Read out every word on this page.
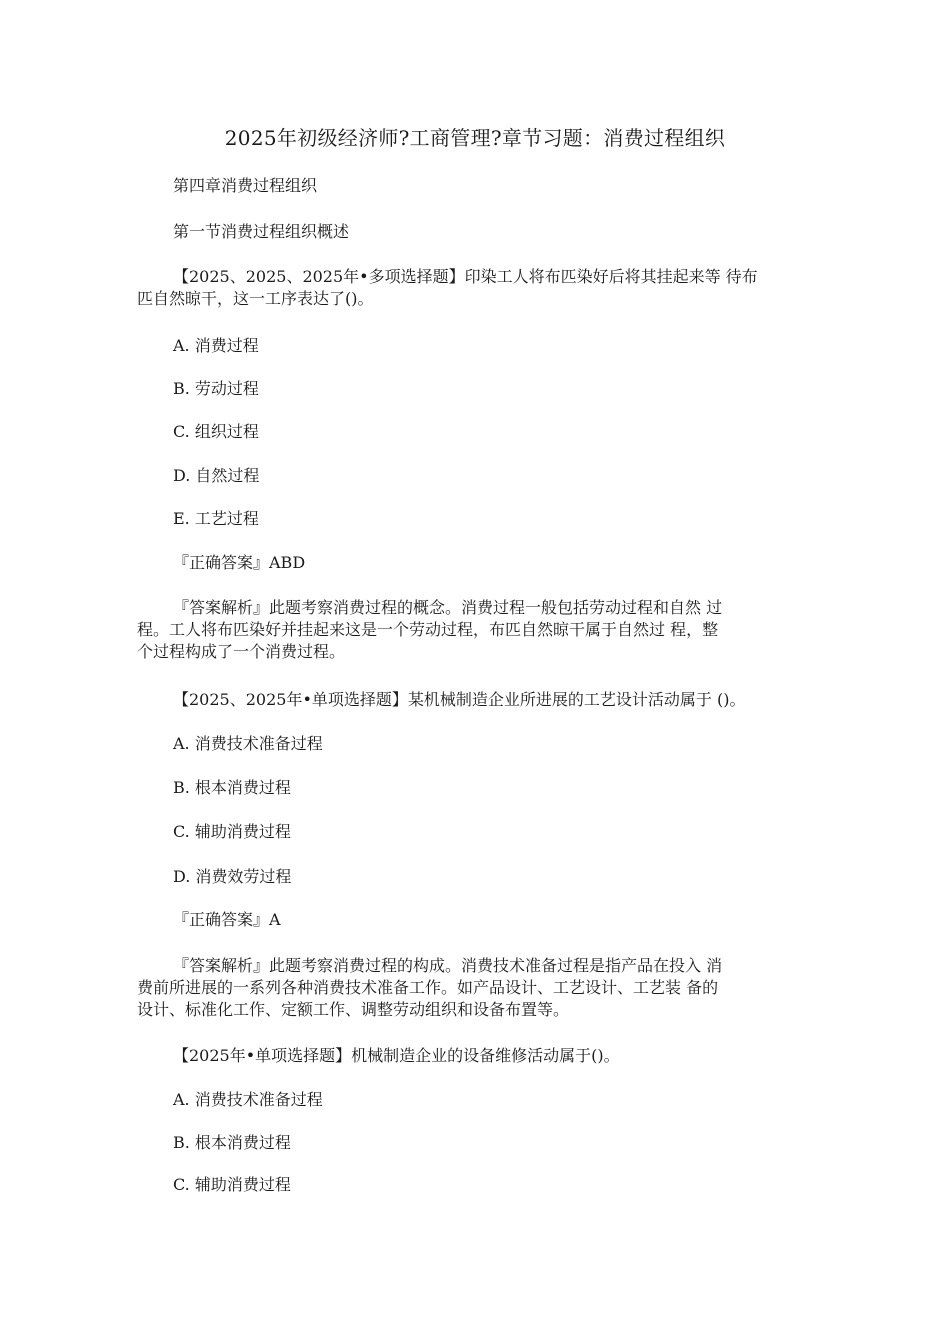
2025年初级经济师?工商管理?章节习题：消费过程组织
第四章消费过程组织
第一节消费过程组织概述
【2025、2025、2025年•多项选择题】印染工人将布匹染好后将其挂起来等 待布
匹自然晾干，这一工序表达了()。
A. 消费过程
B. 劳动过程
C. 组织过程
D. 自然过程
E. 工艺过程
『正确答案』ABD
『答案解析』此题考察消费过程的概念。消费过程一般包括劳动过程和自然 过
程。工人将布匹染好并挂起来这是一个劳动过程，布匹自然晾干属于自然过 程，整
个过程构成了一个消费过程。
【2025、2025年•单项选择题】某机械制造企业所进展的工艺设计活动属于 ()。
A. 消费技术准备过程
B. 根本消费过程
C. 辅助消费过程
D. 消费效劳过程
『正确答案』A
『答案解析』此题考察消费过程的构成。消费技术准备过程是指产品在投入 消
费前所进展的一系列各种消费技术准备工作。如产品设计、工艺设计、工艺装 备的
设计、标准化工作、定额工作、调整劳动组织和设备布置等。
【2025年•单项选择题】机械制造企业的设备维修活动属于()。
A. 消费技术准备过程
B. 根本消费过程
C. 辅助消费过程
